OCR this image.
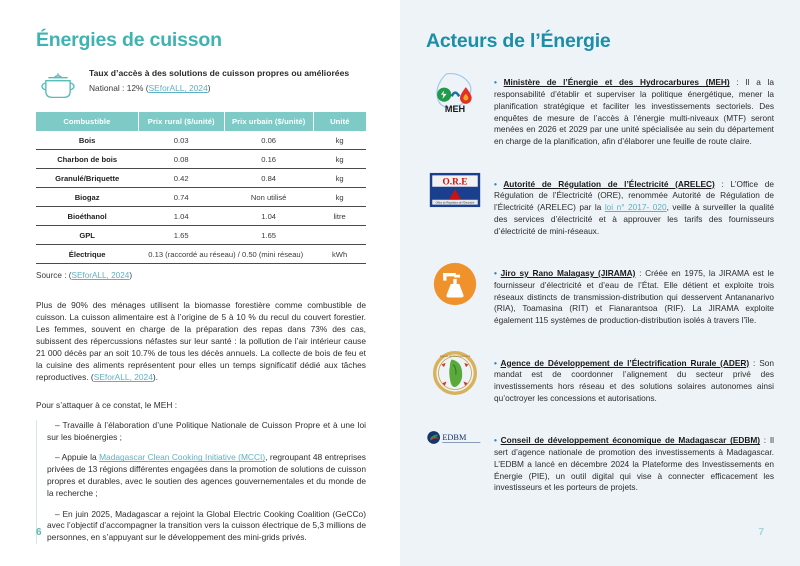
Énergies de cuisson
Taux d’accès à des solutions de cuisson propres ou améliorées
National : 12% (SEforALL, 2024)
Combustible	Prix rural ($/unité)	Prix urbain ($/unité)	Unité
Bois	0.03	0.06	kg
Charbon de bois	0.08	0.16	kg
Granulé/Briquette	0.42	0.84	kg
Biogaz	0.74	Non utilisé	kg
Bioéthanol	1.04	1.04	litre
GPL	1.65	1.65	
Électrique	0.13 (raccordé au réseau) / 0.50 (mini réseau)		kWh
Source : (SEforALL, 2024)

Plus de 90% des ménages utilisent la biomasse forestière comme combustible de cuisson. La cuisson alimentaire est à l’origine de 5 à 10 % du recul du couvert forestier. Les femmes, souvent en charge de la préparation des repas dans 73% des cas, subissent des répercussions néfastes sur leur santé : la pollution de l’air intérieur cause 21 000 décès par an soit 10.7% de tous les décès annuels. La collecte de bois de feu et la cuisine des aliments représentent pour elles un temps significatif dédié aux tâches reproductives. (SEforALL, 2024).

Pour s’attaquer à ce constat, le MEH :

– Travaille à l’élaboration d’une Politique Nationale de Cuisson Propre et à une loi sur les bioénergies ;

– Appuie la Madagascar Clean Cooking Initiative (MCCI), regroupant 48 entreprises privées de 13 régions différentes engagées dans la promotion de solutions de cuisson propres et durables, avec le soutien des agences gouvernementales et du monde de la recherche ;

– En juin 2025, Madagascar a rejoint la Global Electric Cooking Coalition (GeCCo) avec l’objectif d’accompagner la transition vers la cuisson électrique de 5,3 millions de personnes, en s’appuyant sur le développement des mini-grids privés.

6
Acteurs de l’Énergie
MEH

• Ministère de l’Énergie et des Hydrocarbures (MEH) : Il a la responsabilité d’établir et superviser la politique énergétique, mener la planification stratégique et faciliter les investissements sectoriels. Des enquêtes de mesure de l’accès à l’énergie multi-niveaux (MTF) seront menées en 2026 et 2029 par une unité spécialisée au sein du département en charge de la planification, afin d’élaborer une feuille de route claire.

O.R.E
Office de Régulation de l'Electricité

• Autorité de Régulation de l’Électricité (ARELEC) : L’Office de Régulation de l’Électricité (ORE), renommée Autorité de Régulation de l’Électricité (ARELEC) par la loi n° 2017- 020, veille à surveiller la qualité des services d’électricité et à approuver les tarifs des fournisseurs d’électricité de mini-réseaux.

• Jiro sy Rano Malagasy (JIRAMA) : Créée en 1975, la JIRAMA est le fournisseur d’électricité et d’eau de l’État. Elle détient et exploite trois réseaux distincts de transmission-distribution qui desservent Antananarivo (RIA), Toamasina (RIT) et Fianarantsoa (RIF). La JIRAMA exploite également 115 systèmes de production-distribution isolés à travers l’île.

Agence de Développement

• Agence de Développement de l’Électrification Rurale (ADER) : Son mandat est de coordonner l’alignement du secteur privé des investissements hors réseau et des solutions solaires autonomes ainsi qu’octroyer les concessions et autorisations.

EDBM	• Conseil de développement économique de Madagascar (EDBM) : Il sert d’agence nationale de promotion des investissements à Madagascar. L’EDBM a lancé en décembre 2024 la Plateforme des Investissements en Énergie (PIE), un outil digital qui vise à connecter efficacement les investisseurs et les porteurs de projets.

7
